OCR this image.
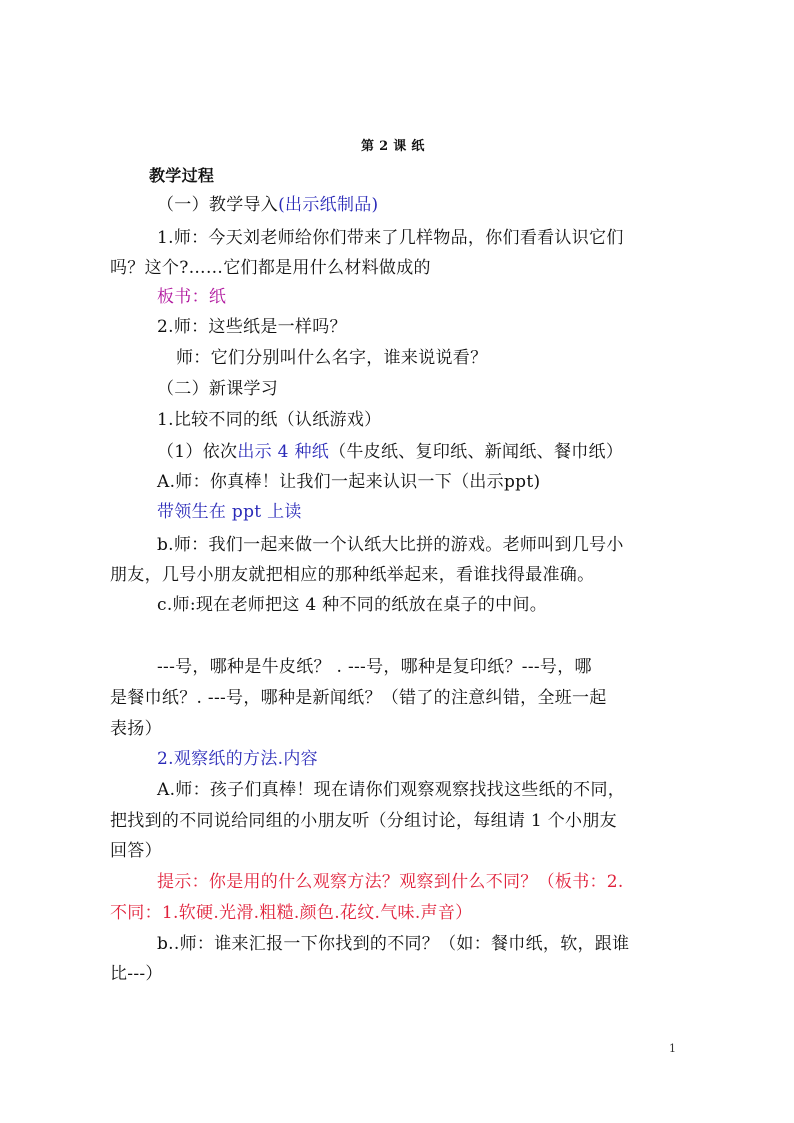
第 2 课 纸
教学过程
（一）教学导入(出示纸制品)
1.师：今天刘老师给你们带来了几样物品，你们看看认识它们
吗？这个?……它们都是用什么材料做成的
板书：纸
2.师：这些纸是一样吗？
师：它们分别叫什么名字，谁来说说看？
（二）新课学习
1.比较不同的纸（认纸游戏）
（1）依次出示 4 种纸（牛皮纸、复印纸、新闻纸、餐巾纸）
A.师：你真棒！让我们一起来认识一下（出示ppt)
带领生在 ppt 上读
b.师：我们一起来做一个认纸大比拼的游戏。老师叫到几号小
朋友，几号小朋友就把相应的那种纸举起来，看谁找得最准确。
c.师:现在老师把这 4 种不同的纸放在桌子的中间。
---号，哪种是牛皮纸？ . ---号，哪种是复印纸？---号，哪
是餐巾纸？. ---号，哪种是新闻纸？（错了的注意纠错，全班一起
表扬）
2.观察纸的方法.内容
A.师：孩子们真棒！现在请你们观察观察找找这些纸的不同，
把找到的不同说给同组的小朋友听（分组讨论，每组请 1 个小朋友
回答）
提示：你是用的什么观察方法？观察到什么不同？（板书：2.
不同：1.软硬.光滑.粗糙.颜色.花纹.气味.声音）
b..师：谁来汇报一下你找到的不同？（如：餐巾纸，软，跟谁
比---）
1
